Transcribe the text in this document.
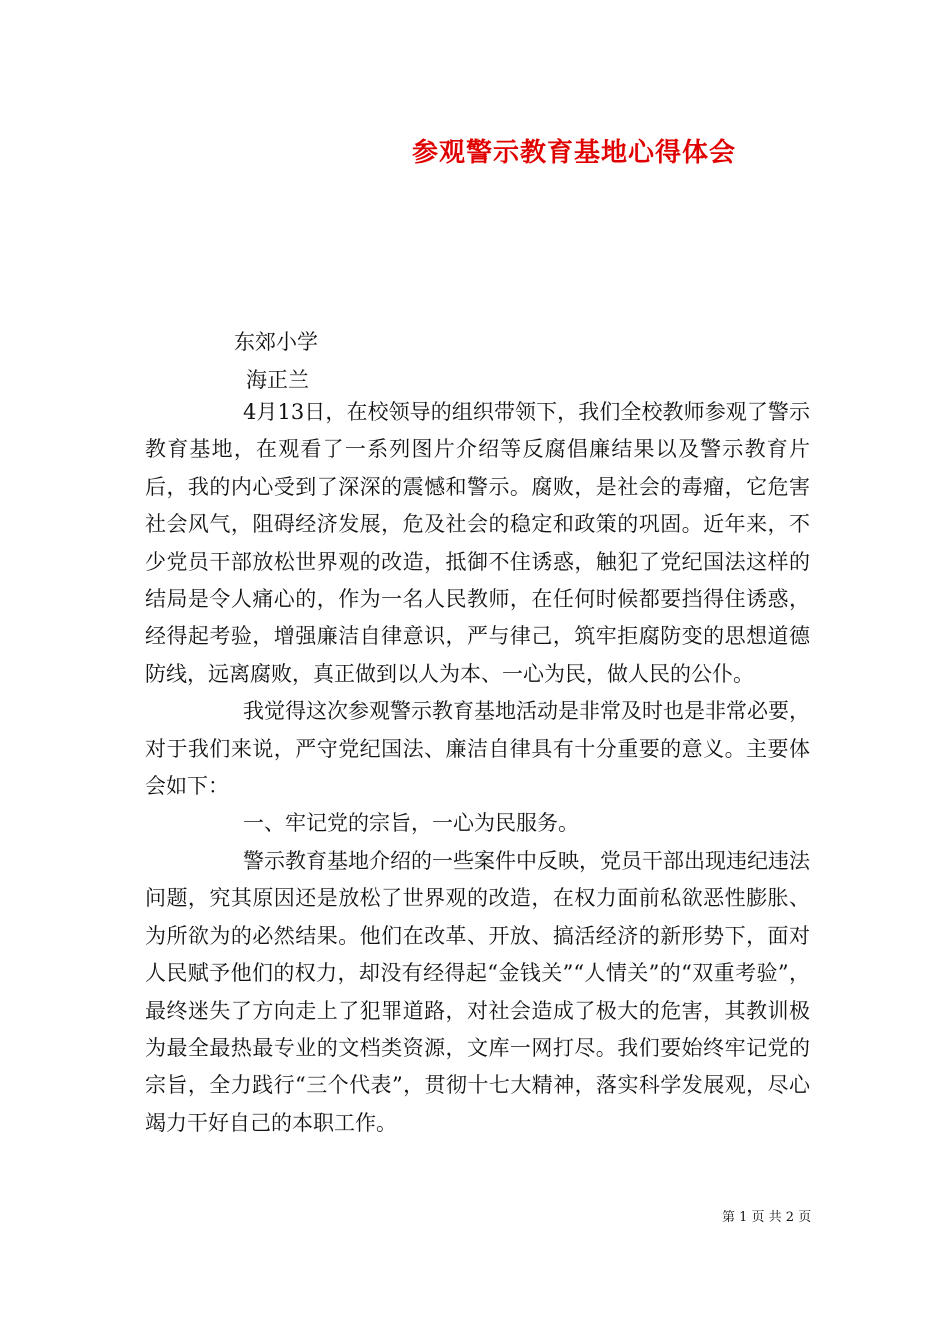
参观警示教育基地心得体会
东郊小学
海正兰

4月13日，在校领导的组织带领下，我们全校教师参观了警示教育基地，在观看了一系列图片介绍等反腐倡廉结果以及警示教育片后，我的内心受到了深深的震憾和警示。腐败，是社会的毒瘤，它危害社会风气，阻碍经济发展，危及社会的稳定和政策的巩固。近年来，不少党员干部放松世界观的改造，抵御不住诱惑，触犯了党纪国法这样的结局是令人痛心的，作为一名人民教师，在任何时候都要挡得住诱惑，经得起考验，增强廉洁自律意识，严与律己，筑牢拒腐防变的思想道德防线，远离腐败，真正做到以人为本、一心为民，做人民的公仆。

我觉得这次参观警示教育基地活动是非常及时也是非常必要，对于我们来说，严守党纪国法、廉洁自律具有十分重要的意义。主要体会如下：

一、牢记党的宗旨，一心为民服务。

警示教育基地介绍的一些案件中反映，党员干部出现违纪违法问题，究其原因还是放松了世界观的改造，在权力面前私欲恶性膨胀、为所欲为的必然结果。他们在改革、开放、搞活经济的新形势下，面对人民赋予他们的权力，却没有经得起“金钱关”“人情关”的“双重考验”，最终迷失了方向走上了犯罪道路，对社会造成了极大的危害，其教训极为最全最热最专业的文档类资源，文库一网打尽。我们要始终牢记党的宗旨，全力践行“三个代表”，贯彻十七大精神，落实科学发展观，尽心竭力干好自己的本职工作。

第 1 页 共 2 页
